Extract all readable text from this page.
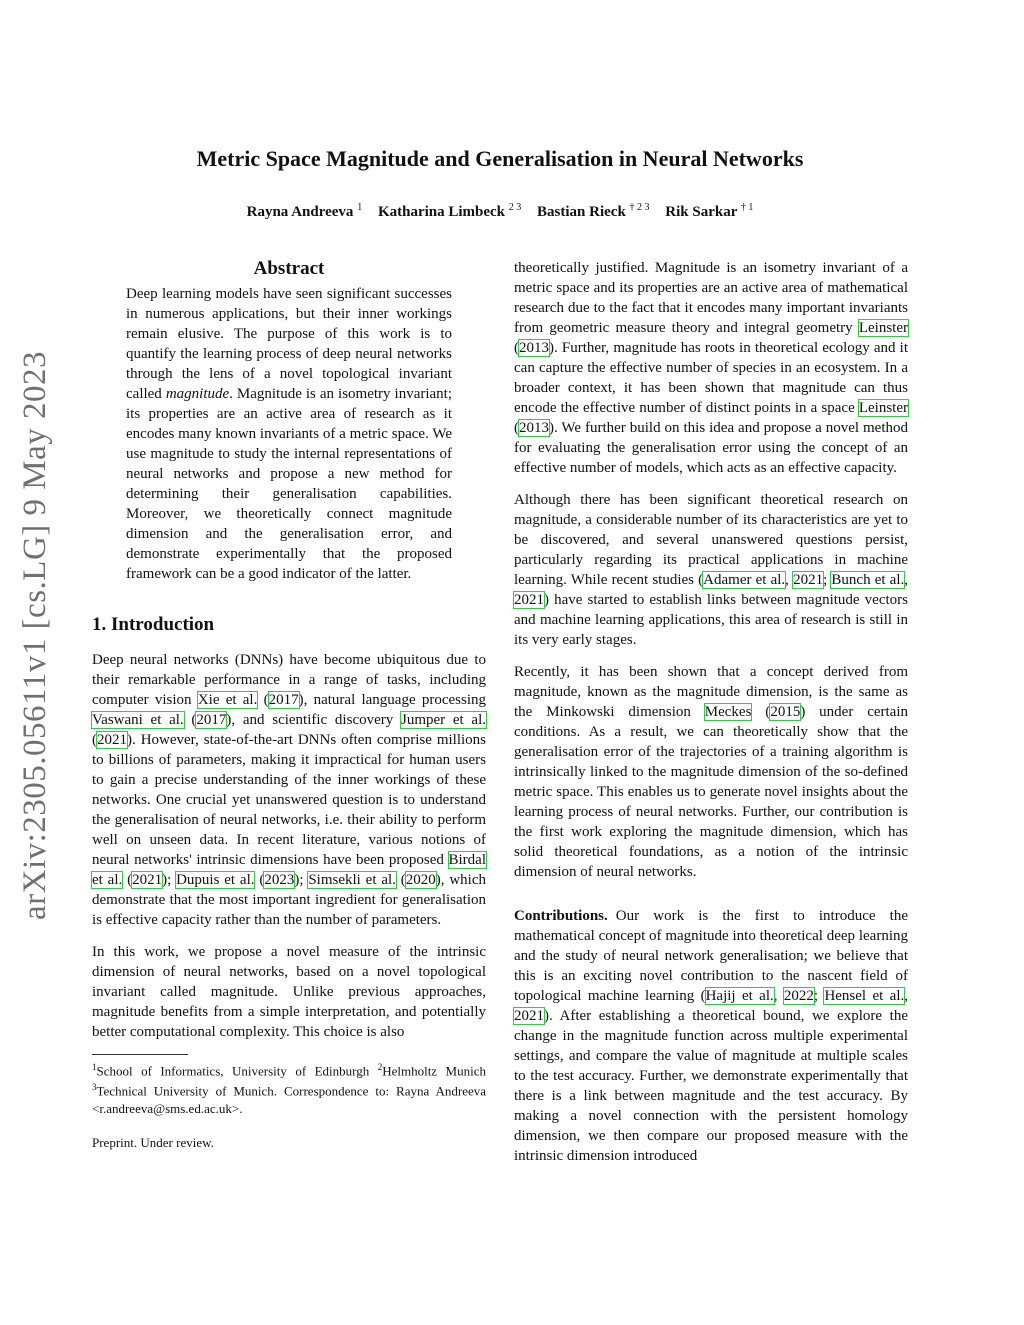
arXiv:2305.05611v1 [cs.LG] 9 May 2023
Metric Space Magnitude and Generalisation in Neural Networks
Rayna Andreeva $^1$ Katharina Limbeck $^{2 3}$ Bastian Rieck $^{\dagger 2 3}$ Rik Sarkar $^{\dagger 1}$
Abstract

Deep learning models have seen significant successes in numerous applications, but their inner workings remain elusive. The purpose of this work is to quantify the learning process of deep neural networks through the lens of a novel topological invariant called magnitude. Magnitude is an isometry invariant; its properties are an active area of research as it encodes many known invariants of a metric space. We use magnitude to study the internal representations of neural networks and propose a new method for determining their generalisation capabilities. Moreover, we theoretically connect magnitude dimension and the generalisation error, and demonstrate experimentally that the proposed framework can be a good indicator of the latter.

1. Introduction

Deep neural networks (DNNs) have become ubiquitous due to their remarkable performance in a range of tasks, including computer vision Xie et al. (2017), natural language processing Vaswani et al. (2017), and scientific discovery Jumper et al. (2021). However, state-of-the-art DNNs often comprise millions to billions of parameters, making it impractical for human users to gain a precise understanding of the inner workings of these networks. One crucial yet unanswered question is to understand the generalisation of neural networks, i.e. their ability to perform well on unseen data. In recent literature, various notions of neural networks' intrinsic dimensions have been proposed Birdal et al. (2021); Dupuis et al. (2023); Simsekli et al. (2020), which demonstrate that the most important ingredient for generalisation is effective capacity rather than the number of parameters.

In this work, we propose a novel measure of the intrinsic dimension of neural networks, based on a novel topological invariant called magnitude. Unlike previous approaches, magnitude benefits from a simple interpretation, and potentially better computational complexity. This choice is also

$^1$School of Informatics, University of Edinburgh $^2$Helmholtz Munich $^3$Technical University of Munich. Correspondence to: Rayna Andreeva <r.andreeva@sms.ed.ac.uk>.

Preprint. Under review.

theoretically justified. Magnitude is an isometry invariant of a metric space and its properties are an active area of mathematical research due to the fact that it encodes many important invariants from geometric measure theory and integral geometry Leinster (2013). Further, magnitude has roots in theoretical ecology and it can capture the effective number of species in an ecosystem. In a broader context, it has been shown that magnitude can thus encode the effective number of distinct points in a space Leinster (2013). We further build on this idea and propose a novel method for evaluating the generalisation error using the concept of an effective number of models, which acts as an effective capacity.

Although there has been significant theoretical research on magnitude, a considerable number of its characteristics are yet to be discovered, and several unanswered questions persist, particularly regarding its practical applications in machine learning. While recent studies (Adamer et al., 2021; Bunch et al., 2021) have started to establish links between magnitude vectors and machine learning applications, this area of research is still in its very early stages.

Recently, it has been shown that a concept derived from magnitude, known as the magnitude dimension, is the same as the Minkowski dimension Meckes (2015) under certain conditions. As a result, we can theoretically show that the generalisation error of the trajectories of a training algorithm is intrinsically linked to the magnitude dimension of the so-defined metric space. This enables us to generate novel insights about the learning process of neural networks. Further, our contribution is the first work exploring the magnitude dimension, which has solid theoretical foundations, as a notion of the intrinsic dimension of neural networks.

Contributions. Our work is the first to introduce the mathematical concept of magnitude into theoretical deep learning and the study of neural network generalisation; we believe that this is an exciting novel contribution to the nascent field of topological machine learning (Hajij et al., 2022; Hensel et al., 2021). After establishing a theoretical bound, we explore the change in the magnitude function across multiple experimental settings, and compare the value of magnitude at multiple scales to the test accuracy. Further, we demonstrate experimentally that there is a link between magnitude and the test accuracy. By making a novel connection with the persistent homology dimension, we then compare our proposed measure with the intrinsic dimension introduced
